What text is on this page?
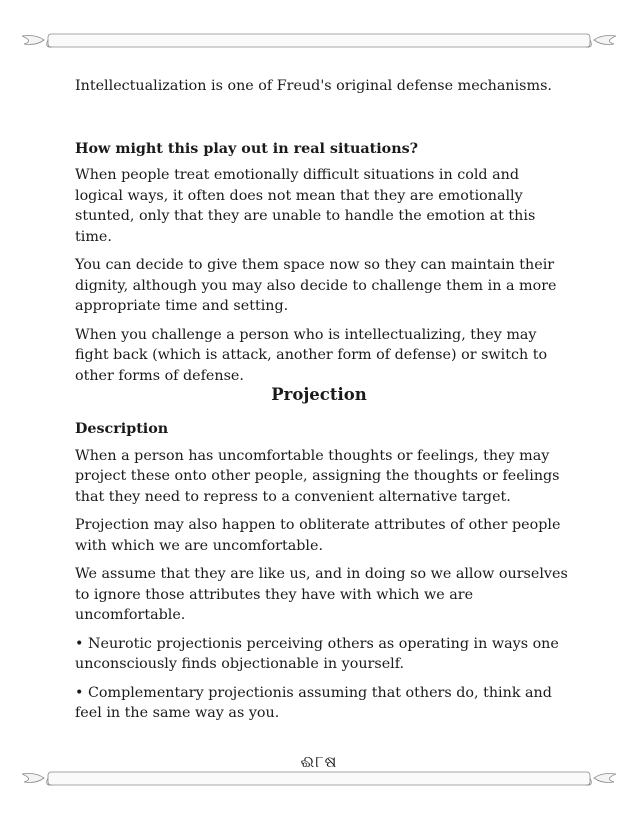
Intellectualization is one of Freud's original defense mechanisms.

How might this play out in real situations?

When people treat emotionally difficult situations in cold and logical ways, it often does not mean that they are emotionally stunted, only that they are unable to handle the emotion at this time.

You can decide to give them space now so they can maintain their dignity, although you may also decide to challenge them in a more appropriate time and setting.

When you challenge a person who is intellectualizing, they may fight back (which is attack, another form of defense) or switch to other forms of defense.

Projection

Description

When a person has uncomfortable thoughts or feelings, they may project these onto other people, assigning the thoughts or feelings that they need to repress to a convenient alternative target.

Projection may also happen to obliterate attributes of other people with which we are uncomfortable.

We assume that they are like us, and in doing so we allow ourselves to ignore those attributes they have with which we are uncomfortable.

• Neurotic projectionis perceiving others as operating in ways one unconsciously finds objectionable in yourself.

• Complementary projectionis assuming that others do, think and feel in the same way as you.

ଈ୮ଷ
